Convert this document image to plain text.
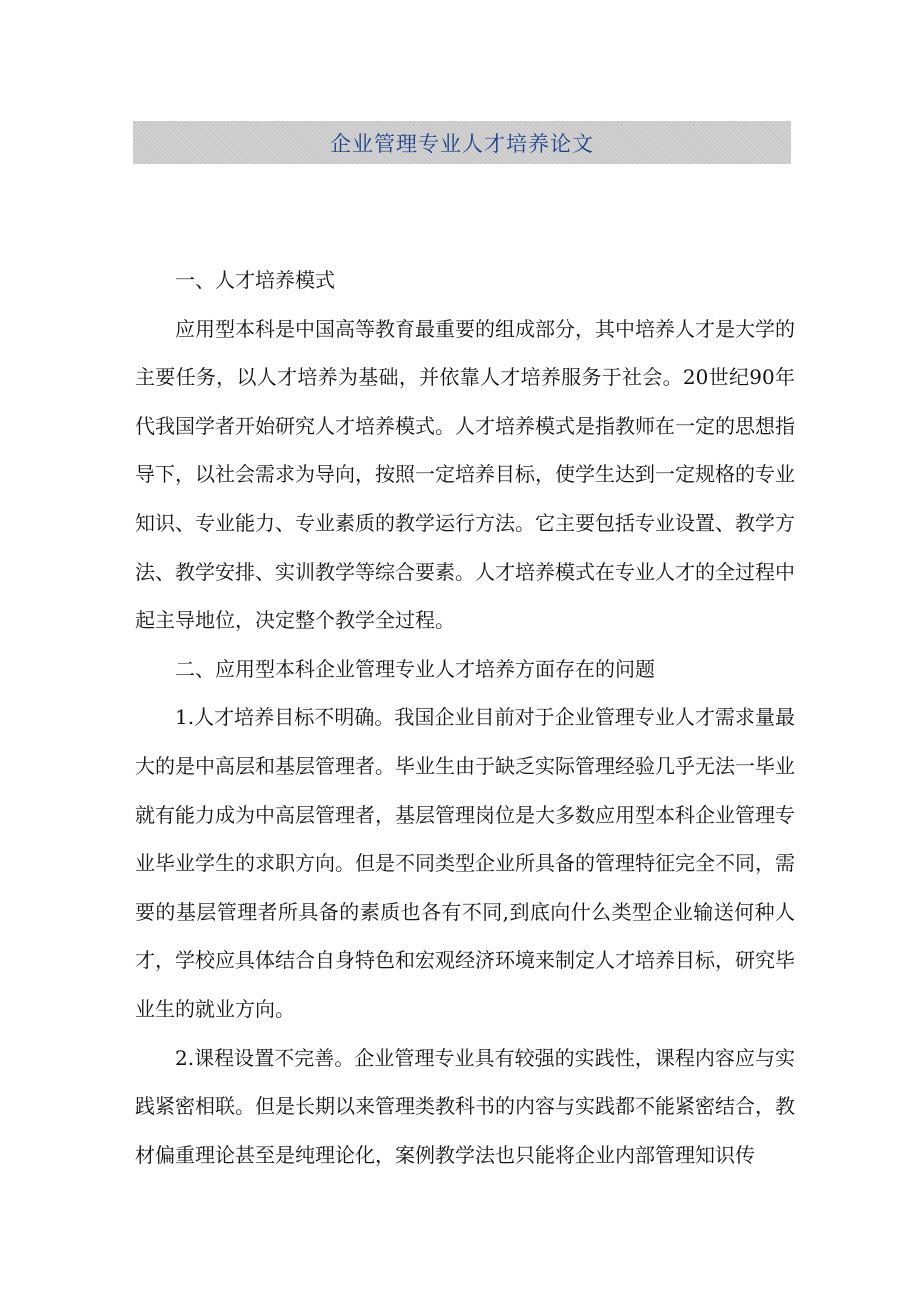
企业管理专业人才培养论文

一、人才培养模式

应用型本科是中国高等教育最重要的组成部分，其中培养人才是大学的主要任务，以人才培养为基础，并依靠人才培养服务于社会。20世纪90年代我国学者开始研究人才培养模式。人才培养模式是指教师在一定的思想指导下，以社会需求为导向，按照一定培养目标，使学生达到一定规格的专业知识、专业能力、专业素质的教学运行方法。它主要包括专业设置、教学方法、教学安排、实训教学等综合要素。人才培养模式在专业人才的全过程中起主导地位，决定整个教学全过程。

二、应用型本科企业管理专业人才培养方面存在的问题

1.人才培养目标不明确。我国企业目前对于企业管理专业人才需求量最大的是中高层和基层管理者。毕业生由于缺乏实际管理经验几乎无法一毕业就有能力成为中高层管理者，基层管理岗位是大多数应用型本科企业管理专业毕业学生的求职方向。但是不同类型企业所具备的管理特征完全不同，需要的基层管理者所具备的素质也各有不同,到底向什么类型企业输送何种人才，学校应具体结合自身特色和宏观经济环境来制定人才培养目标，研究毕业生的就业方向。

2.课程设置不完善。企业管理专业具有较强的实践性，课程内容应与实践紧密相联。但是长期以来管理类教科书的内容与实践都不能紧密结合，教材偏重理论甚至是纯理论化，案例教学法也只能将企业内部管理知识传
